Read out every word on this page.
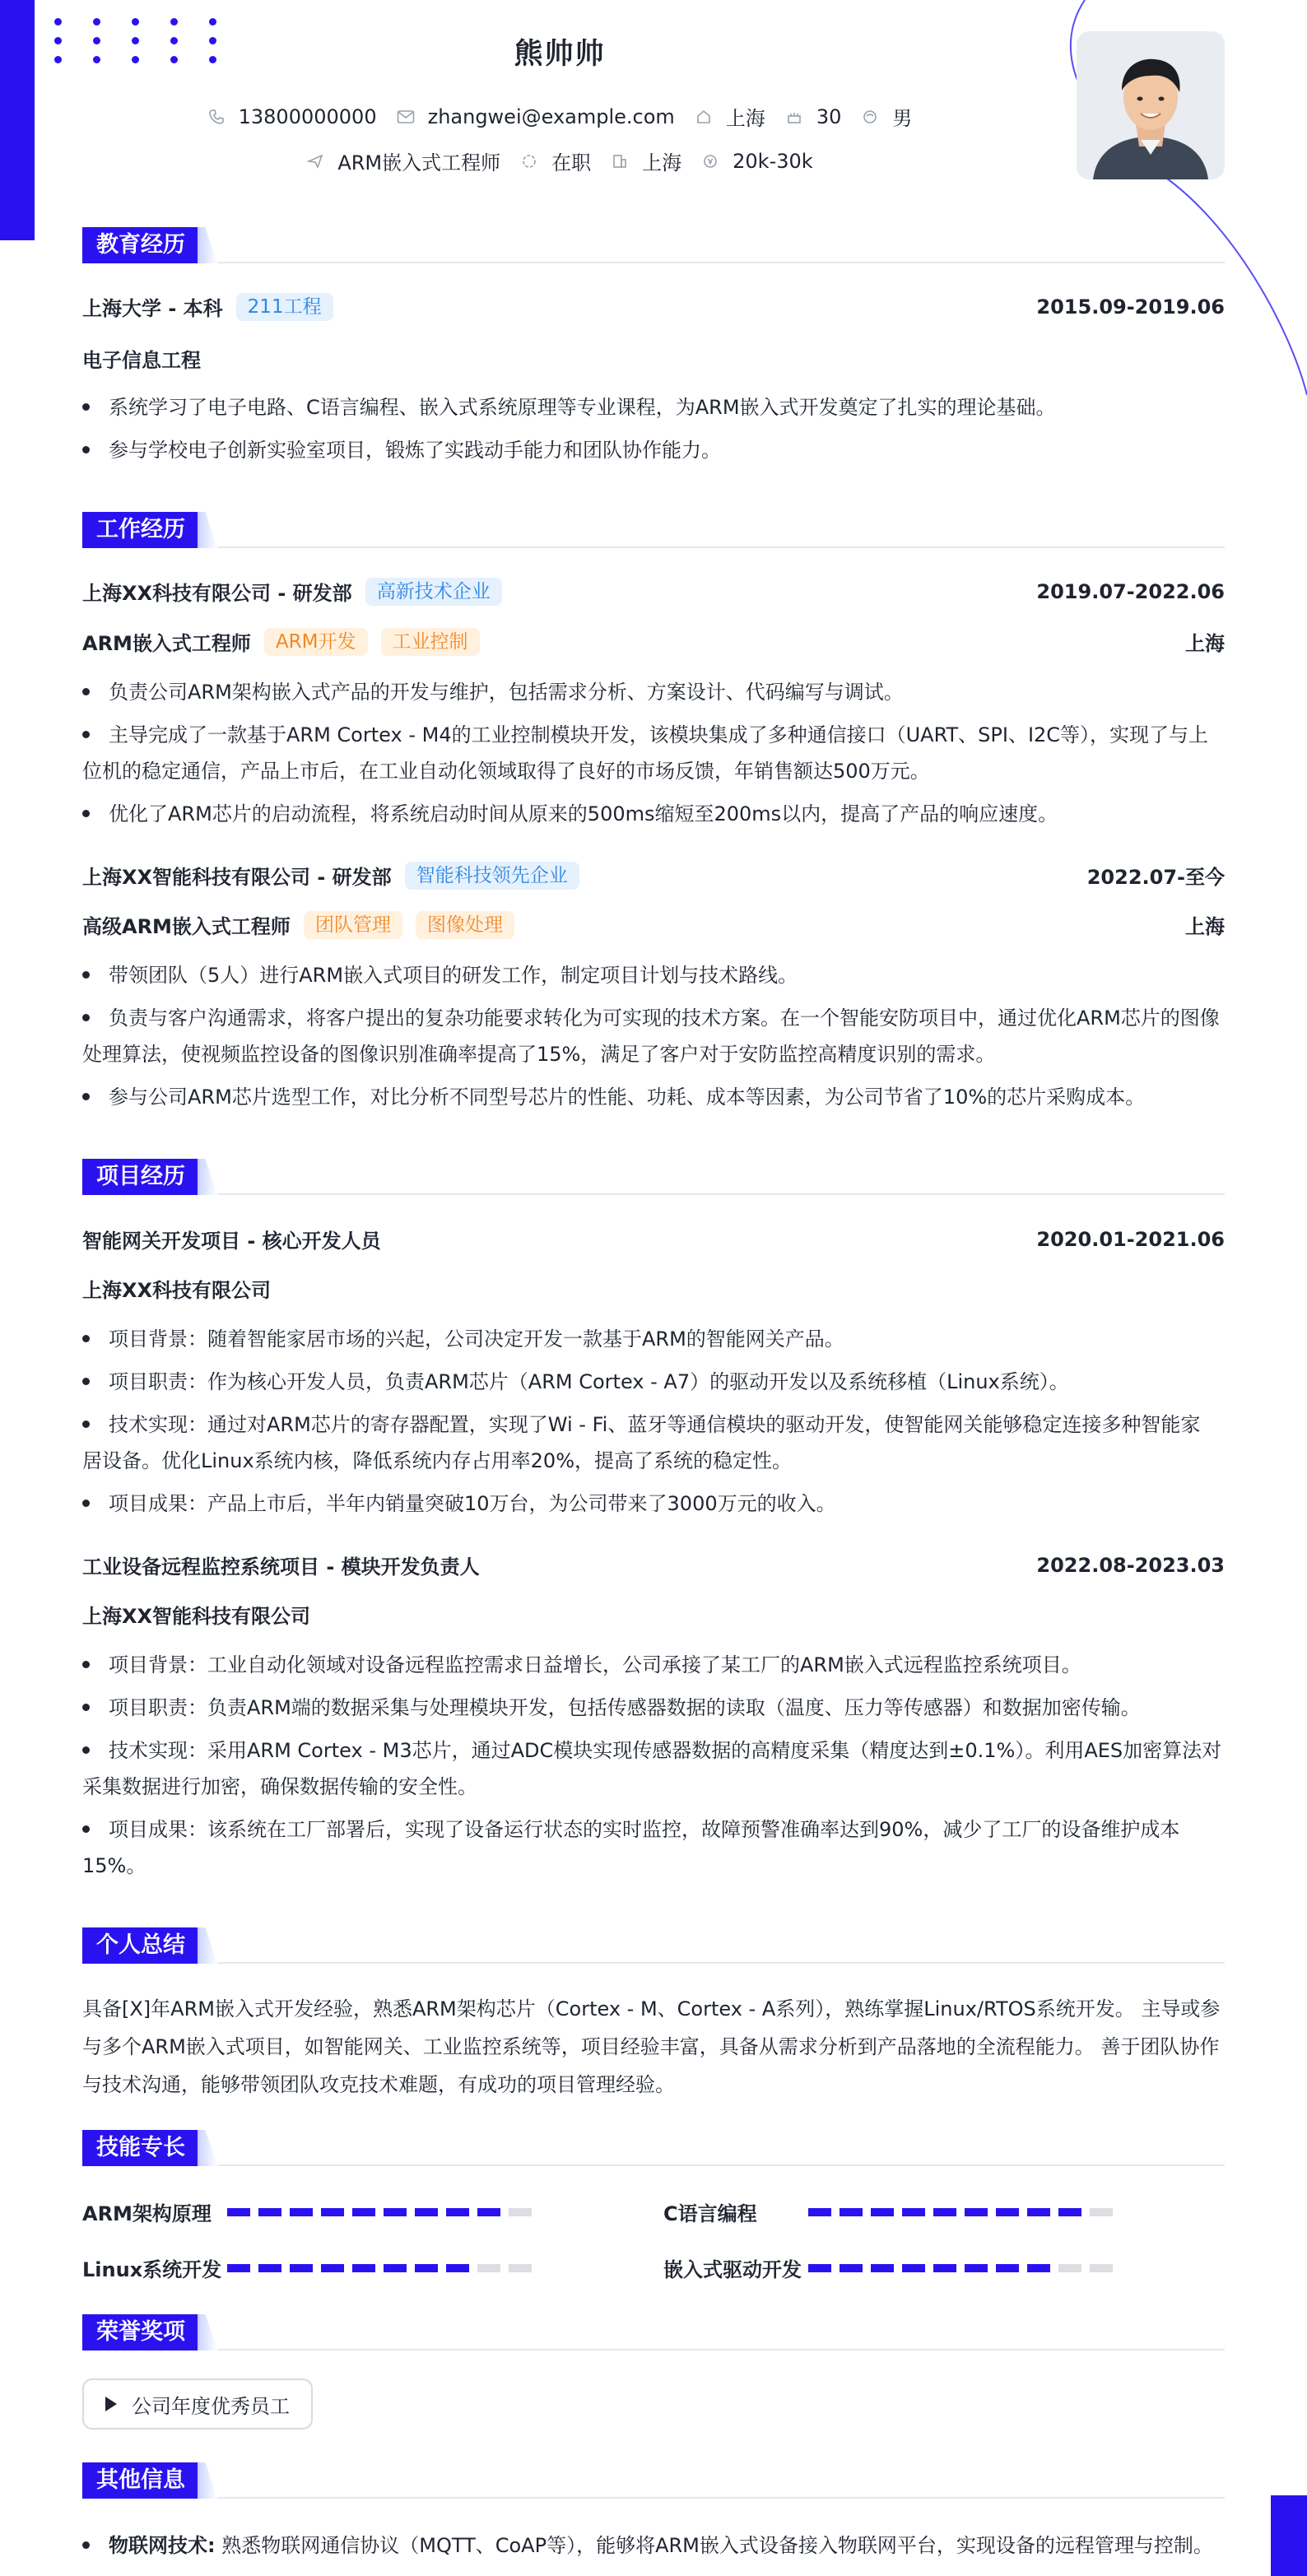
熊帅帅
13800000000	zhangwei@example.com	上海	30	男
ARM嵌入式工程师	在职	上海	20k-30k
教育经历
上海大学 - 本科	211工程	2015.09-2019.06
电子信息工程
系统学习了电子电路、C语言编程、嵌入式系统原理等专业课程，为ARM嵌入式开发奠定了扎实的理论基础。
参与学校电子创新实验室项目，锻炼了实践动手能力和团队协作能力。
工作经历
上海XX科技有限公司 - 研发部	高新技术企业	2019.07-2022.06
ARM嵌入式工程师	ARM开发	工业控制	上海
负责公司ARM架构嵌入式产品的开发与维护，包括需求分析、方案设计、代码编写与调试。
主导完成了一款基于ARM Cortex - M4的工业控制模块开发，该模块集成了多种通信接口（UART、SPI、I2C等），实现了与上
位机的稳定通信，产品上市后，在工业自动化领域取得了良好的市场反馈，年销售额达500万元。
优化了ARM芯片的启动流程，将系统启动时间从原来的500ms缩短至200ms以内，提高了产品的响应速度。
上海XX智能科技有限公司 - 研发部	智能科技领先企业	2022.07-至今
高级ARM嵌入式工程师	团队管理	图像处理	上海
带领团队（5人）进行ARM嵌入式项目的研发工作，制定项目计划与技术路线。
负责与客户沟通需求，将客户提出的复杂功能要求转化为可实现的技术方案。在一个智能安防项目中，通过优化ARM芯片的图像
处理算法，使视频监控设备的图像识别准确率提高了15%，满足了客户对于安防监控高精度识别的需求。
参与公司ARM芯片选型工作，对比分析不同型号芯片的性能、功耗、成本等因素，为公司节省了10%的芯片采购成本。
项目经历
智能网关开发项目 - 核心开发人员	2020.01-2021.06
上海XX科技有限公司
项目背景：随着智能家居市场的兴起，公司决定开发一款基于ARM的智能网关产品。
项目职责：作为核心开发人员，负责ARM芯片（ARM Cortex - A7）的驱动开发以及系统移植（Linux系统）。
技术实现：通过对ARM芯片的寄存器配置，实现了Wi - Fi、蓝牙等通信模块的驱动开发，使智能网关能够稳定连接多种智能家
居设备。优化Linux系统内核，降低系统内存占用率20%，提高了系统的稳定性。
项目成果：产品上市后，半年内销量突破10万台，为公司带来了3000万元的收入。
工业设备远程监控系统项目 - 模块开发负责人	2022.08-2023.03
上海XX智能科技有限公司
项目背景：工业自动化领域对设备远程监控需求日益增长，公司承接了某工厂的ARM嵌入式远程监控系统项目。
项目职责：负责ARM端的数据采集与处理模块开发，包括传感器数据的读取（温度、压力等传感器）和数据加密传输。
技术实现：采用ARM Cortex - M3芯片，通过ADC模块实现传感器数据的高精度采集（精度达到±0.1%）。利用AES加密算法对
采集数据进行加密，确保数据传输的安全性。
项目成果：该系统在工厂部署后，实现了设备运行状态的实时监控，故障预警准确率达到90%，减少了工厂的设备维护成本
15%。
个人总结
具备[X]年ARM嵌入式开发经验，熟悉ARM架构芯片（Cortex - M、Cortex - A系列），熟练掌握Linux/RTOS系统开发。 主导或参
与多个ARM嵌入式项目，如智能网关、工业监控系统等，项目经验丰富，具备从需求分析到产品落地的全流程能力。 善于团队协作
与技术沟通，能够带领团队攻克技术难题，有成功的项目管理经验。
技能专长
ARM架构原理	C语言编程
Linux系统开发	嵌入式驱动开发
荣誉奖项
公司年度优秀员工
其他信息
物联网技术: 熟悉物联网通信协议（MQTT、CoAP等），能够将ARM嵌入式设备接入物联网平台，实现设备的远程管理与控制。
